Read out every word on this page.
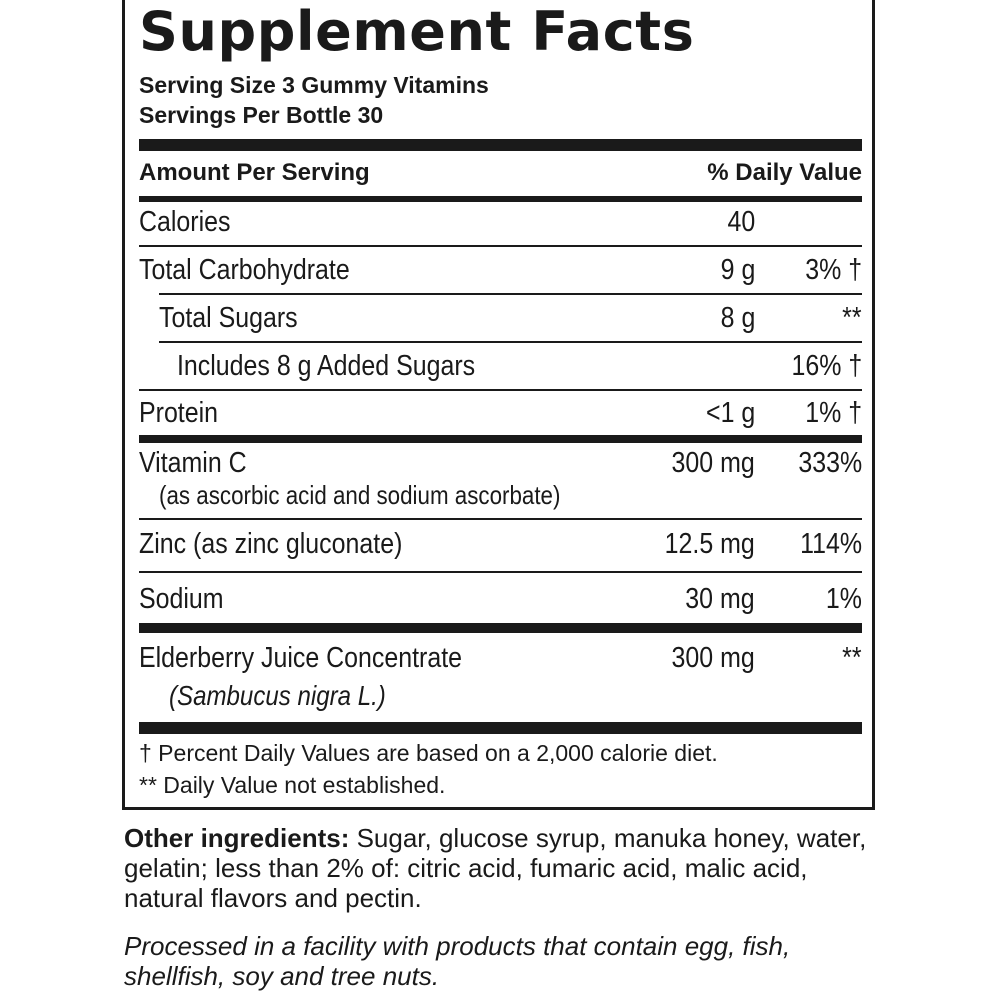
Supplement Facts
Serving Size 3 Gummy Vitamins
Servings Per Bottle 30
Amount Per Serving	% Daily Value
Calories	40
Total Carbohydrate	9 g 3% †
Total Sugars	8 g	**
Includes 8 g Added Sugars	16% †
Protein	<1 g 1% †
Vitamin C	300 mg 333%
(as ascorbic acid and sodium ascorbate)
Zinc (as zinc gluconate)	12.5 mg 114%
Sodium	30 mg 1%
Elderberry Juice Concentrate	300 mg	**
(Sambucus nigra L.)
† Percent Daily Values are based on a 2,000 calorie diet.
** Daily Value not established.
Other ingredients: Sugar, glucose syrup, manuka honey, water, gelatin; less than 2% of: citric acid, fumaric acid, malic acid, natural flavors and pectin.
Processed in a facility with products that contain egg, fish, shellfish, soy and tree nuts.
